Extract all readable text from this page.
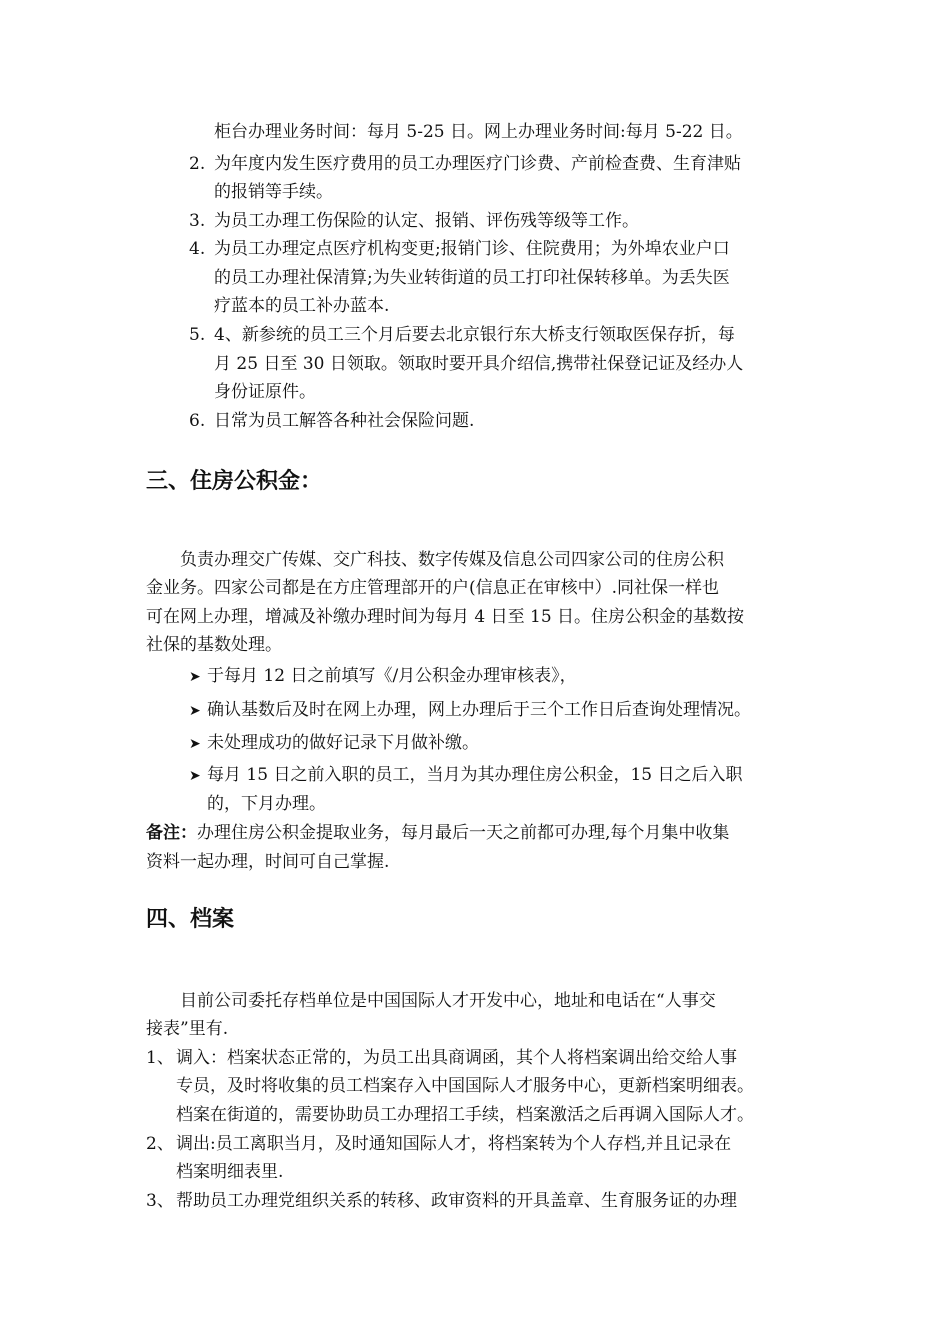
柜台办理业务时间：每月 5-25 日。网上办理业务时间:每月 5-22 日。
2. 为年度内发生医疗费用的员工办理医疗门诊费、产前检查费、生育津贴
的报销等手续。
3. 为员工办理工伤保险的认定、报销、评伤残等级等工作。
4. 为员工办理定点医疗机构变更;报销门诊、住院费用；为外埠农业户口
的员工办理社保清算;为失业转街道的员工打印社保转移单。为丢失医
疗蓝本的员工补办蓝本.
5. 4、新参统的员工三个月后要去北京银行东大桥支行领取医保存折，每
月 25 日至 30 日领取。领取时要开具介绍信,携带社保登记证及经办人
身份证原件。
6. 日常为员工解答各种社会保险问题.
三、住房公积金：
负责办理交广传媒、交广科技、数字传媒及信息公司四家公司的住房公积
金业务。四家公司都是在方庄管理部开的户(信息正在审核中）.同社保一样也
可在网上办理，增减及补缴办理时间为每月 4 日至 15 日。住房公积金的基数按
社保的基数处理。
➤ 于每月 12 日之前填写《/月公积金办理审核表》，
➤ 确认基数后及时在网上办理，网上办理后于三个工作日后查询处理情况。
➤ 未处理成功的做好记录下月做补缴。
➤ 每月 15 日之前入职的员工，当月为其办理住房公积金，15 日之后入职
的，下月办理。
备注：办理住房公积金提取业务，每月最后一天之前都可办理,每个月集中收集
资料一起办理，时间可自己掌握.
四、档案
目前公司委托存档单位是中国国际人才开发中心，地址和电话在“人事交
接表”里有.
1、 调入：档案状态正常的，为员工出具商调函，其个人将档案调出给交给人事
专员，及时将收集的员工档案存入中国国际人才服务中心，更新档案明细表。
档案在街道的，需要协助员工办理招工手续，档案激活之后再调入国际人才。
2、 调出:员工离职当月，及时通知国际人才，将档案转为个人存档,并且记录在
档案明细表里.
3、 帮助员工办理党组织关系的转移、政审资料的开具盖章、生育服务证的办理
